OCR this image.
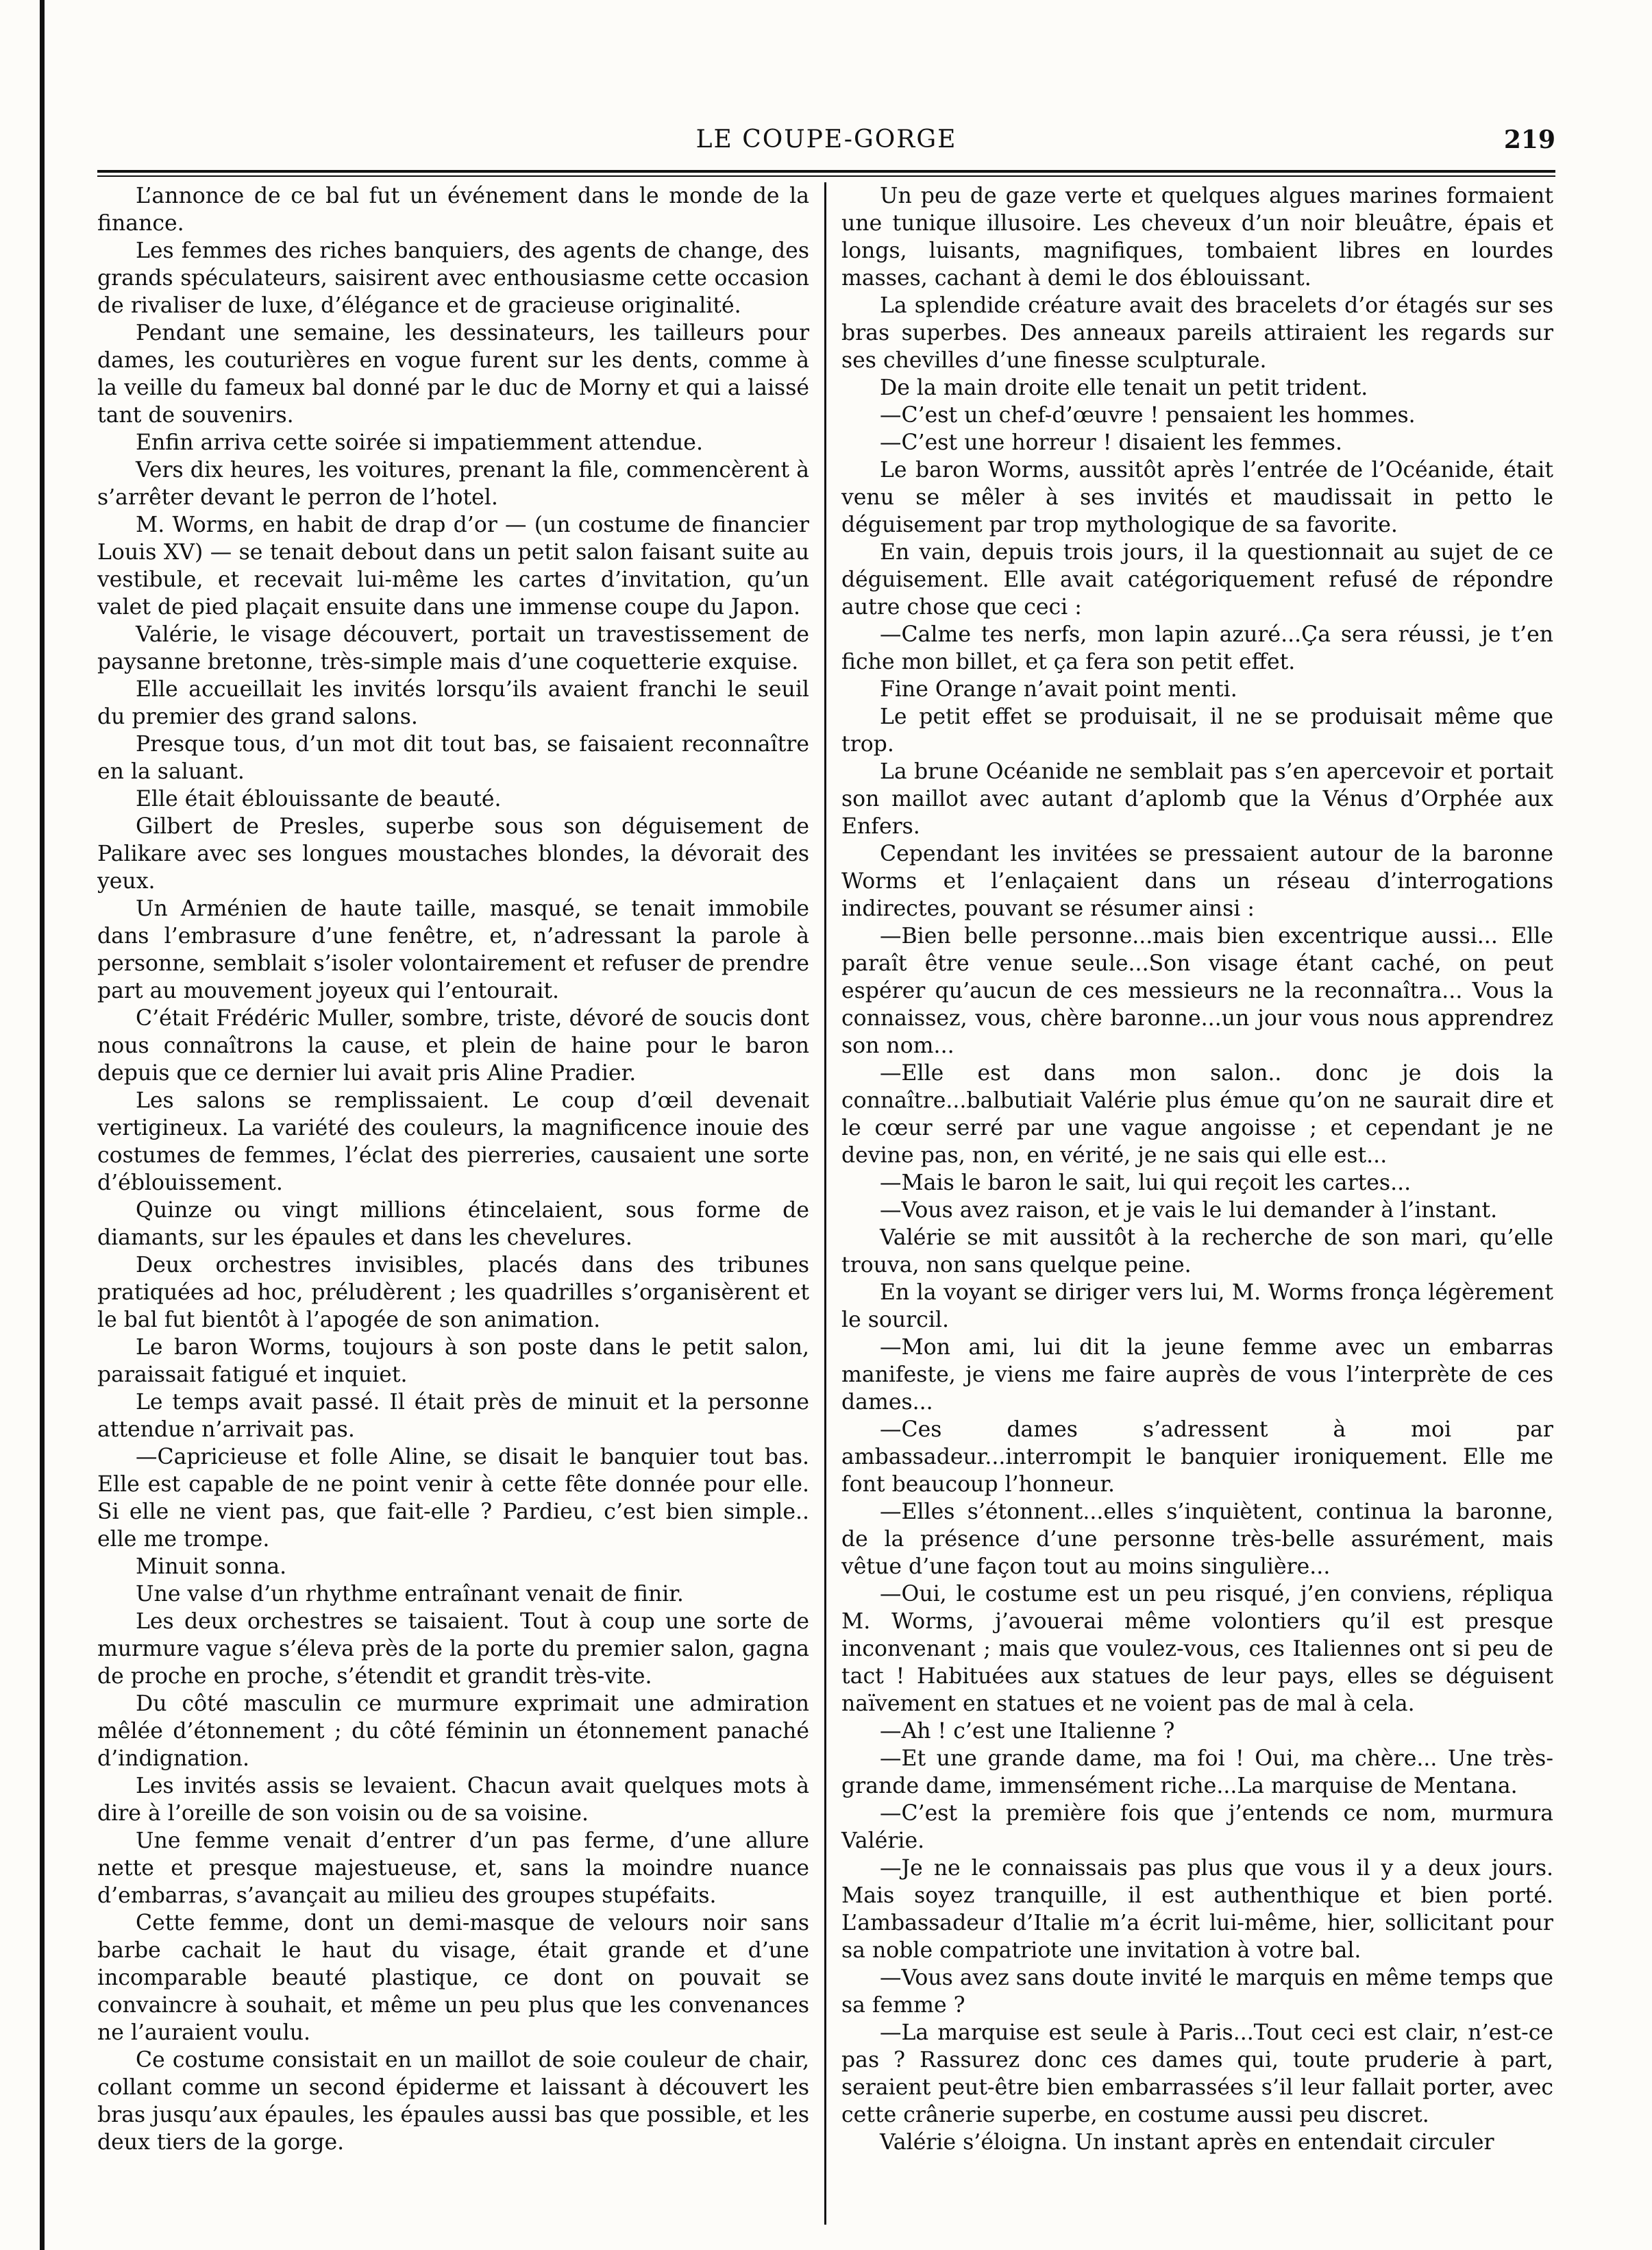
LE COUPE-GORGE	219

L’annonce de ce bal fut un événement dans le monde de la finance.

Les femmes des riches banquiers, des agents de change, des grands spéculateurs, saisirent avec enthousiasme cette occasion de rivaliser de luxe, d’élégance et de gracieuse originalité.

Pendant une semaine, les dessinateurs, les tailleurs pour dames, les couturières en vogue furent sur les dents, comme à la veille du fameux bal donné par le duc de Morny et qui a laissé tant de souvenirs.

Enfin arriva cette soirée si impatiemment attendue.

Vers dix heures, les voitures, prenant la file, commencèrent à s’arrêter devant le perron de l’hotel.

M. Worms, en habit de drap d’or — (un costume de financier Louis XV) — se tenait debout dans un petit salon faisant suite au vestibule, et recevait lui-même les cartes d’invitation, qu’un valet de pied plaçait ensuite dans une immense coupe du Japon.

Valérie, le visage découvert, portait un travestissement de paysanne bretonne, très-simple mais d’une coquetterie exquise.

Elle accueillait les invités lorsqu’ils avaient franchi le seuil du premier des grand salons.

Presque tous, d’un mot dit tout bas, se faisaient reconnaître en la saluant.

Elle était éblouissante de beauté.

Gilbert de Presles, superbe sous son déguisement de Palikare avec ses longues moustaches blondes, la dévorait des yeux.

Un Arménien de haute taille, masqué, se tenait immobile dans l’embrasure d’une fenêtre, et, n’adressant la parole à personne, semblait s’isoler volontairement et refuser de prendre part au mouvement joyeux qui l’entourait.

C’était Frédéric Muller, sombre, triste, dévoré de soucis dont nous connaîtrons la cause, et plein de haine pour le baron depuis que ce dernier lui avait pris Aline Pradier.

Les salons se remplissaient. Le coup d’œil devenait vertigineux. La variété des couleurs, la magnificence inouie des costumes de femmes, l’éclat des pierreries, causaient une sorte d’éblouissement.

Quinze ou vingt millions étincelaient, sous forme de diamants, sur les épaules et dans les chevelures.

Deux orchestres invisibles, placés dans des tribunes pratiquées ad hoc, préludèrent ; les quadrilles s’organisèrent et le bal fut bientôt à l’apogée de son animation.

Le baron Worms, toujours à son poste dans le petit salon, paraissait fatigué et inquiet.

Le temps avait passé. Il était près de minuit et la personne attendue n’arrivait pas.

—Capricieuse et folle Aline, se disait le banquier tout bas. Elle est capable de ne point venir à cette fête donnée pour elle. Si elle ne vient pas, que fait-elle ? Pardieu, c’est bien simple.. elle me trompe.

Minuit sonna.

Une valse d’un rhythme entraînant venait de finir.

Les deux orchestres se taisaient. Tout à coup une sorte de murmure vague s’éleva près de la porte du premier salon, gagna de proche en proche, s’étendit et grandit très-vite.

Du côté masculin ce murmure exprimait une admiration mêlée d’étonnement ; du côté féminin un étonnement panaché d’indignation.

Les invités assis se levaient. Chacun avait quelques mots à dire à l’oreille de son voisin ou de sa voisine.

Une femme venait d’entrer d’un pas ferme, d’une allure nette et presque majestueuse, et, sans la moindre nuance d’embarras, s’avançait au milieu des groupes stupéfaits.

Cette femme, dont un demi-masque de velours noir sans barbe cachait le haut du visage, était grande et d’une incomparable beauté plastique, ce dont on pouvait se convaincre à souhait, et même un peu plus que les convenances ne l’auraient voulu.

Ce costume consistait en un maillot de soie couleur de chair, collant comme un second épiderme et laissant à découvert les bras jusqu’aux épaules, les épaules aussi bas que possible, et les deux tiers de la gorge.

Un peu de gaze verte et quelques algues marines formaient une tunique illusoire. Les cheveux d’un noir bleuâtre, épais et longs, luisants, magnifiques, tombaient libres en lourdes masses, cachant à demi le dos éblouissant.

La splendide créature avait des bracelets d’or étagés sur ses bras superbes. Des anneaux pareils attiraient les regards sur ses chevilles d’une finesse sculpturale.

De la main droite elle tenait un petit trident.

—C’est un chef-d’œuvre ! pensaient les hommes.

—C’est une horreur ! disaient les femmes.

Le baron Worms, aussitôt après l’entrée de l’Océanide, était venu se mêler à ses invités et maudissait in petto le déguisement par trop mythologique de sa favorite.

En vain, depuis trois jours, il la questionnait au sujet de ce déguisement. Elle avait catégoriquement refusé de répondre autre chose que ceci :

—Calme tes nerfs, mon lapin azuré...Ça sera réussi, je t’en fiche mon billet, et ça fera son petit effet.

Fine Orange n’avait point menti.

Le petit effet se produisait, il ne se produisait même que trop.

La brune Océanide ne semblait pas s’en apercevoir et portait son maillot avec autant d’aplomb que la Vénus d’Orphée aux Enfers.

Cependant les invitées se pressaient autour de la baronne Worms et l’enlaçaient dans un réseau d’interrogations indirectes, pouvant se résumer ainsi :

—Bien belle personne...mais bien excentrique aussi... Elle paraît être venue seule...Son visage étant caché, on peut espérer qu’aucun de ces messieurs ne la reconnaîtra... Vous la connaissez, vous, chère baronne...un jour vous nous apprendrez son nom...

—Elle est dans mon salon.. donc je dois la connaître...balbutiait Valérie plus émue qu’on ne saurait dire et le cœur serré par une vague angoisse ; et cependant je ne devine pas, non, en vérité, je ne sais qui elle est...

—Mais le baron le sait, lui qui reçoit les cartes...

—Vous avez raison, et je vais le lui demander à l’instant.

Valérie se mit aussitôt à la recherche de son mari, qu’elle trouva, non sans quelque peine.

En la voyant se diriger vers lui, M. Worms fronça légèrement le sourcil.

—Mon ami, lui dit la jeune femme avec un embarras manifeste, je viens me faire auprès de vous l’interprète de ces dames...

—Ces dames s’adressent à moi par ambassadeur...interrompit le banquier ironiquement. Elle me font beaucoup l’honneur.

—Elles s’étonnent...elles s’inquiètent, continua la baronne, de la présence d’une personne très-belle assurément, mais vêtue d’une façon tout au moins singulière...

—Oui, le costume est un peu risqué, j’en conviens, répliqua M. Worms, j’avouerai même volontiers qu’il est presque inconvenant ; mais que voulez-vous, ces Italiennes ont si peu de tact ! Habituées aux statues de leur pays, elles se déguisent naïvement en statues et ne voient pas de mal à cela.

—Ah ! c’est une Italienne ?

—Et une grande dame, ma foi ! Oui, ma chère... Une très-grande dame, immensément riche...La marquise de Mentana.

—C’est la première fois que j’entends ce nom, murmura Valérie.

—Je ne le connaissais pas plus que vous il y a deux jours. Mais soyez tranquille, il est authenthique et bien porté. L’ambassadeur d’Italie m’a écrit lui-même, hier, sollicitant pour sa noble compatriote une invitation à votre bal.

—Vous avez sans doute invité le marquis en même temps que sa femme ?

—La marquise est seule à Paris...Tout ceci est clair, n’est-ce pas ? Rassurez donc ces dames qui, toute pruderie à part, seraient peut-être bien embarrassées s’il leur fallait porter, avec cette crânerie superbe, en costume aussi peu discret.

Valérie s’éloigna. Un instant après en entendait circuler
